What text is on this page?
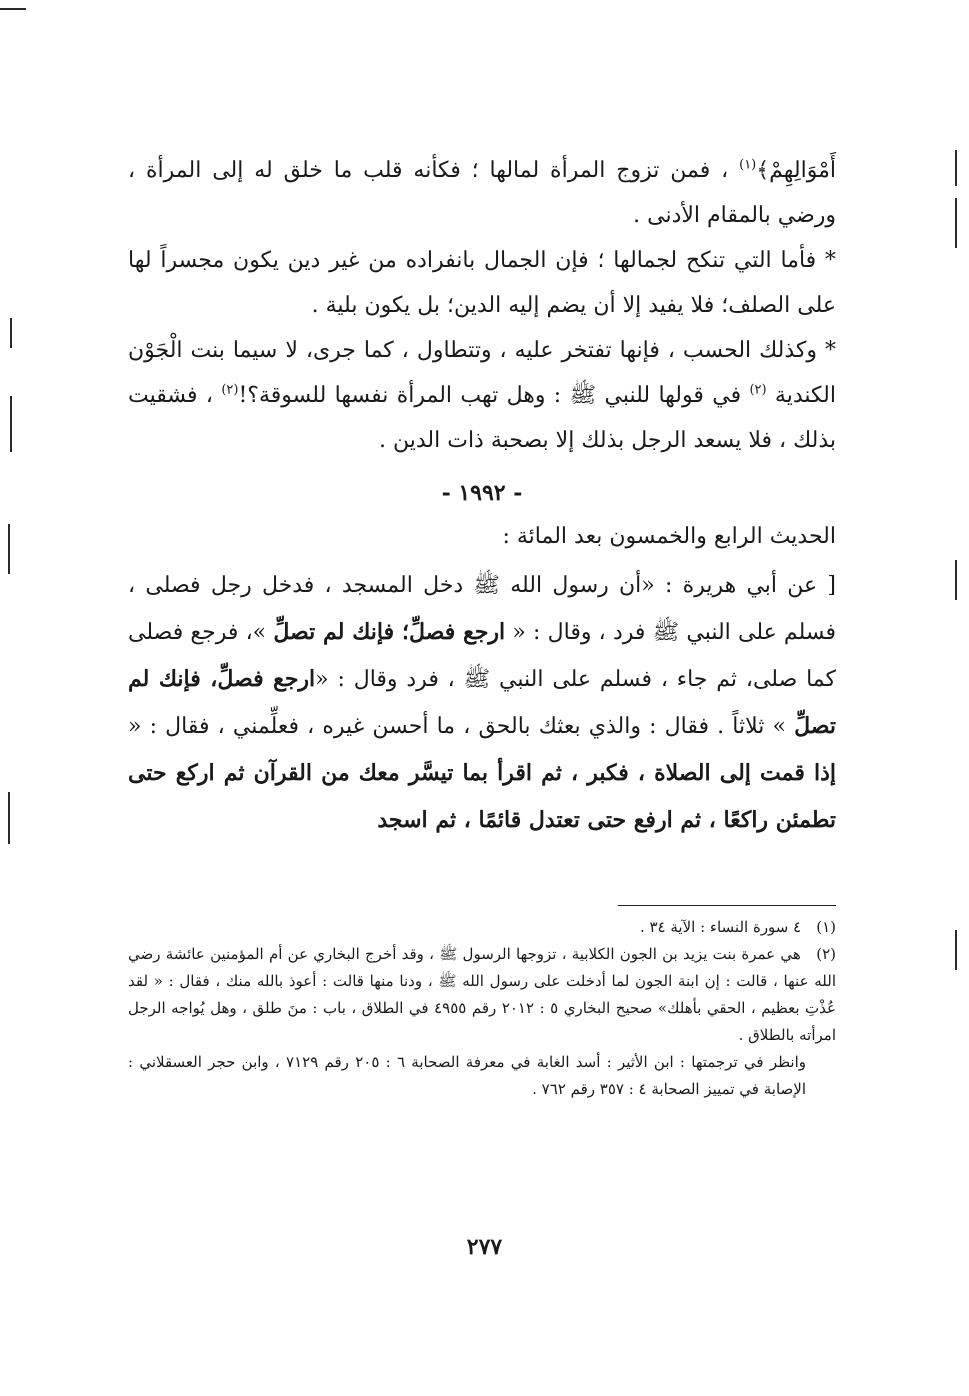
أَمْوَالِهِمْ﴾$^{(١)}$ ، فمن تزوج المرأة لمالها ؛ فكأنه قلب ما خلق له إلى المرأة ، ورضي بالمقام الأدنى .

* فأما التي تنكح لجمالها ؛ فإن الجمال بانفراده من غير دين يكون مجسراً لها على الصلف؛ فلا يفيد إلا أن يضم إليه الدين؛ بل يكون بلية .

* وكذلك الحسب ، فإنها تفتخر عليه ، وتتطاول ، كما جرى، لا سيما بنت الْجَوْن الكندية $^{(٢)}$ في قولها للنبي ﷺ : وهل تهب المرأة نفسها للسوقة؟!$^{(٢)}$ ، فشقيت بذلك ، فلا يسعد الرجل بذلك إلا بصحبة ذات الدين .

- ١٩٩٢ -
الحديث الرابع والخمسون بعد المائة :

[ عن أبي هريرة : «أن رسول الله ﷺ دخل المسجد ، فدخل رجل فصلى ، فسلم على النبي ﷺ فرد ، وقال : « ارجع فصلِّ؛ فإنك لم تصلِّ »، فرجع فصلى كما صلى، ثم جاء ، فسلم على النبي ﷺ ، فرد وقال : «ارجع فصلِّ، فإنك لم تصلِّ » ثلاثاً . فقال : والذي بعثك بالحق ، ما أحسن غيره ، فعلِّمني ، فقال : « إذا قمت إلى الصلاة ، فكبر ، ثم اقرأ بما تيسَّر معك من القرآن ثم اركع حتى تطمئن راكعًا ، ثم ارفع حتى تعتدل قائمًا ، ثم اسجد

(١) ٤ سورة النساء : الآية ٣٤ .

(٢) هي عمرة بنت يزيد بن الجون الكلابية ، تزوجها الرسول ﷺ ، وقد أخرج البخاري عن أم المؤمنين عائشة رضي الله عنها ، قالت : إن ابنة الجون لما أدخلت على رسول الله ﷺ ، ودنا منها قالت : أعوذ بالله منك ، فقال : « لقد عُذْتِ بعظيم ، الحقي بأهلك» صحيح البخاري ٥ : ٢٠١٢ رقم ٤٩٥٥ في الطلاق ، باب : منَ طلق ، وهل يُواجه الرجل امرأته بالطلاق .

وانظر في ترجمتها : ابن الأثير : أسد الغابة في معرفة الصحابة ٦ : ٢٠٥ رقم ٧١٢٩ ، وابن حجر العسقلاني : الإصابة في تمييز الصحابة ٤ : ٣٥٧ رقم ٧٦٢ .

٢٧٧
